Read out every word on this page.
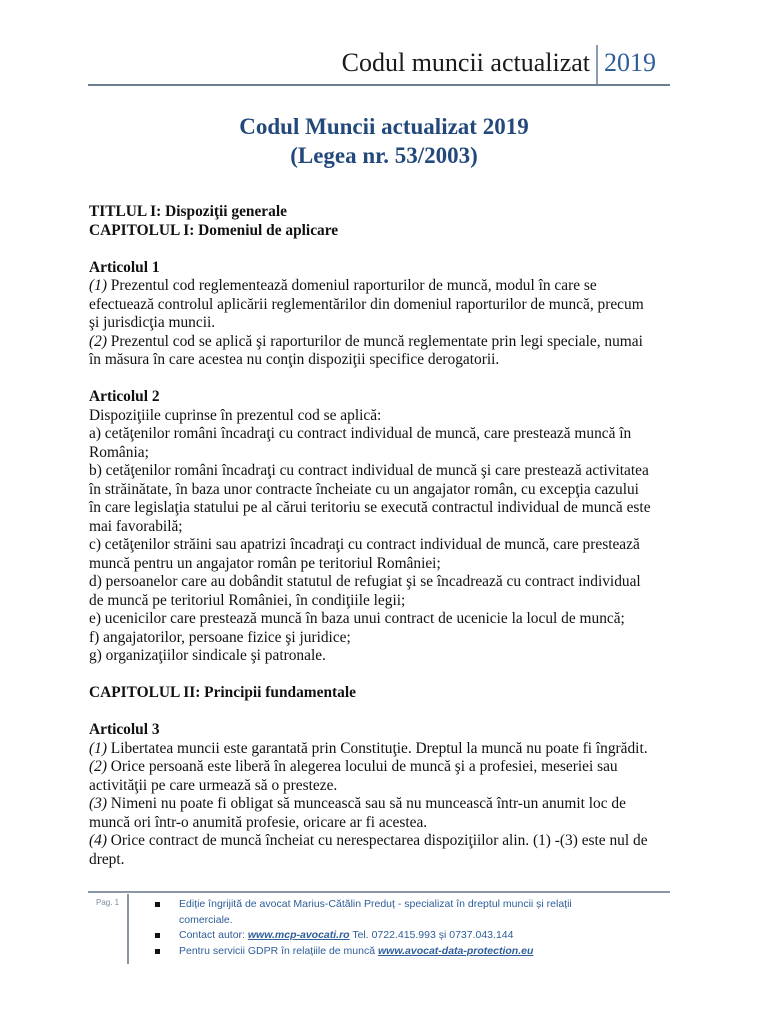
Codul muncii actualizat 2019
Codul Muncii actualizat 2019
(Legea nr. 53/2003)
TITLUL I: Dispoziţii generale
CAPITOLUL I: Domeniul de aplicare
Articolul 1
(1) Prezentul cod reglementează domeniul raporturilor de muncă, modul în care se
efectuează controlul aplicării reglementărilor din domeniul raporturilor de muncă, precum
şi jurisdicţia muncii.
(2) Prezentul cod se aplică şi raporturilor de muncă reglementate prin legi speciale, numai
în măsura în care acestea nu conţin dispoziţii specifice derogatorii.
Articolul 2
Dispoziţiile cuprinse în prezentul cod se aplică:
a) cetăţenilor români încadraţi cu contract individual de muncă, care prestează muncă în
România;
b) cetăţenilor români încadraţi cu contract individual de muncă şi care prestează activitatea
în străinătate, în baza unor contracte încheiate cu un angajator român, cu excepţia cazului
în care legislaţia statului pe al cărui teritoriu se execută contractul individual de muncă este
mai favorabilă;
c) cetăţenilor străini sau apatrizi încadraţi cu contract individual de muncă, care prestează
muncă pentru un angajator român pe teritoriul României;
d) persoanelor care au dobândit statutul de refugiat şi se încadrează cu contract individual
de muncă pe teritoriul României, în condiţiile legii;
e) ucenicilor care prestează muncă în baza unui contract de ucenicie la locul de muncă;
f) angajatorilor, persoane fizice şi juridice;
g) organizaţiilor sindicale şi patronale.
CAPITOLUL II: Principii fundamentale
Articolul 3
(1) Libertatea muncii este garantată prin Constituţie. Dreptul la muncă nu poate fi îngrădit.
(2) Orice persoană este liberă în alegerea locului de muncă şi a profesiei, meseriei sau
activităţii pe care urmează să o presteze.
(3) Nimeni nu poate fi obligat să muncească sau să nu muncească într-un anumit loc de
muncă ori într-o anumită profesie, oricare ar fi acestea.
(4) Orice contract de muncă încheiat cu nerespectarea dispoziţiilor alin. (1) -(3) este nul de
drept.
Pag. 1	Ediție îngrijită de avocat Marius-Cătălin Preduț - specializat în dreptul muncii și relații
comerciale.
Contact autor: www.mcp-avocati.ro Tel. 0722.415.993 și 0737.043.144
Pentru servicii GDPR în relațiile de muncă www.avocat-data-protection.eu
